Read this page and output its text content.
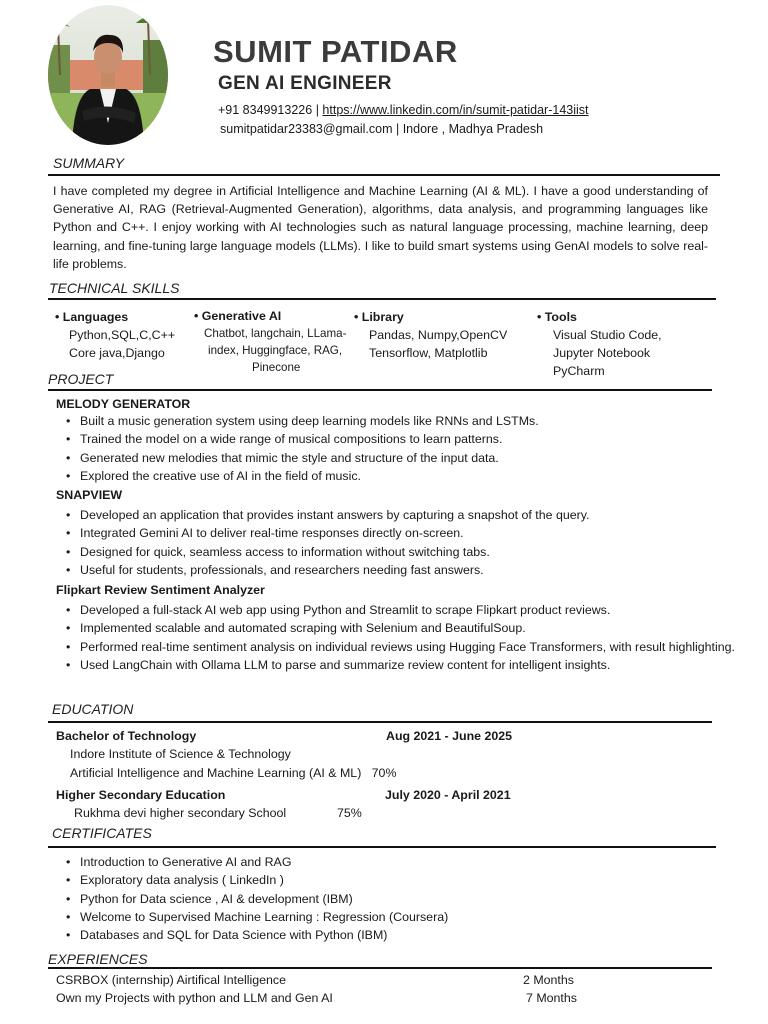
SUMIT PATIDAR
GEN AI ENGINEER
+91 8349913226 | https://www.linkedin.com/in/sumit-patidar-143iist
sumitpatidar23383@gmail.com | Indore , Madhya Pradesh
SUMMARY
I have completed my degree in Artificial Intelligence and Machine Learning (AI & ML). I have a good understanding of Generative AI, RAG (Retrieval-Augmented Generation), algorithms, data analysis, and programming languages like Python and C++. I enjoy working with AI technologies such as natural language processing, machine learning, deep learning, and fine-tuning large language models (LLMs). I like to build smart systems using GenAI models to solve real-life problems.
TECHNICAL SKILLS
• Languages
Python,SQL,C,C++
Core java,Django
• Generative AI
Chatbot, langchain, LLama-
index, Huggingface, RAG,
Pinecone
• Library
Pandas, Numpy,OpenCV
Tensorflow, Matplotlib
• Tools
Visual Studio Code,
Jupyter Notebook
PyCharm
PROJECT
MELODY GENERATOR
• Built a music generation system using deep learning models like RNNs and LSTMs.
• Trained the model on a wide range of musical compositions to learn patterns.
• Generated new melodies that mimic the style and structure of the input data.
• Explored the creative use of AI in the field of music.
SNAPVIEW
• Developed an application that provides instant answers by capturing a snapshot of the query.
• Integrated Gemini AI to deliver real-time responses directly on-screen.
• Designed for quick, seamless access to information without switching tabs.
• Useful for students, professionals, and researchers needing fast answers.
Flipkart Review Sentiment Analyzer
• Developed a full-stack AI web app using Python and Streamlit to scrape Flipkart product reviews.
• Implemented scalable and automated scraping with Selenium and BeautifulSoup.
• Performed real-time sentiment analysis on individual reviews using Hugging Face Transformers, with result highlighting.
• Used LangChain with Ollama LLM to parse and summarize review content for intelligent insights.
EDUCATION
Bachelor of Technology	Aug 2021 - June 2025
Indore Institute of Science & Technology
Artificial Intelligence and Machine Learning (AI & ML) 70%
Higher Secondary Education	July 2020 - April 2021
Rukhma devi higher secondary School	75%
CERTIFICATES
• Introduction to Generative AI and RAG
• Exploratory data analysis ( LinkedIn )
• Python for Data science , AI & development (IBM)
• Welcome to Supervised Machine Learning : Regression (Coursera)
• Databases and SQL for Data Science with Python (IBM)
EXPERIENCES
CSRBOX (internship) Airtifical Intelligence	2 Months
Own my Projects with python and LLM and Gen AI	7 Months
